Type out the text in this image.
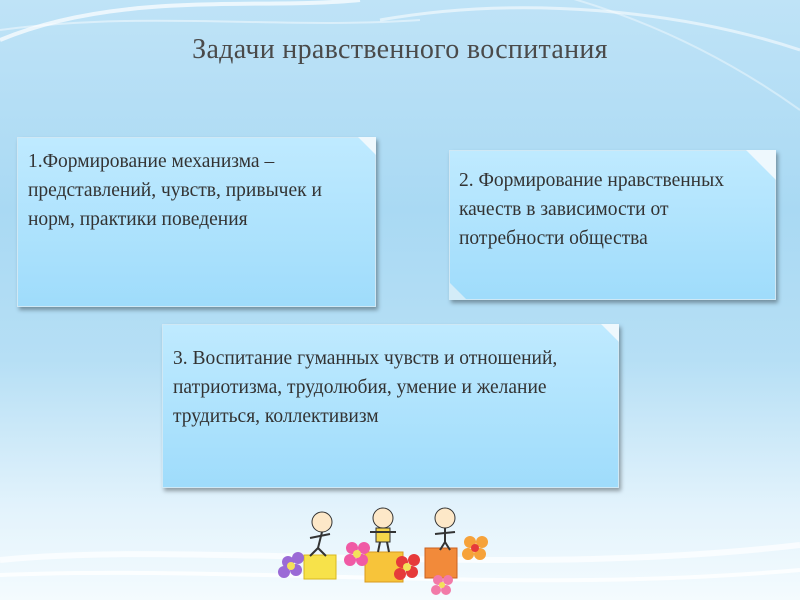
Задачи нравственного воспитания
1.Формирование механизма – представлений, чувств, привычек и норм, практики поведения
2. Формирование нравственных качеств в зависимости от потребности общества
3. Воспитание гуманных чувств и отношений, патриотизма, трудолюбия, умение и желание трудиться, коллективизм
